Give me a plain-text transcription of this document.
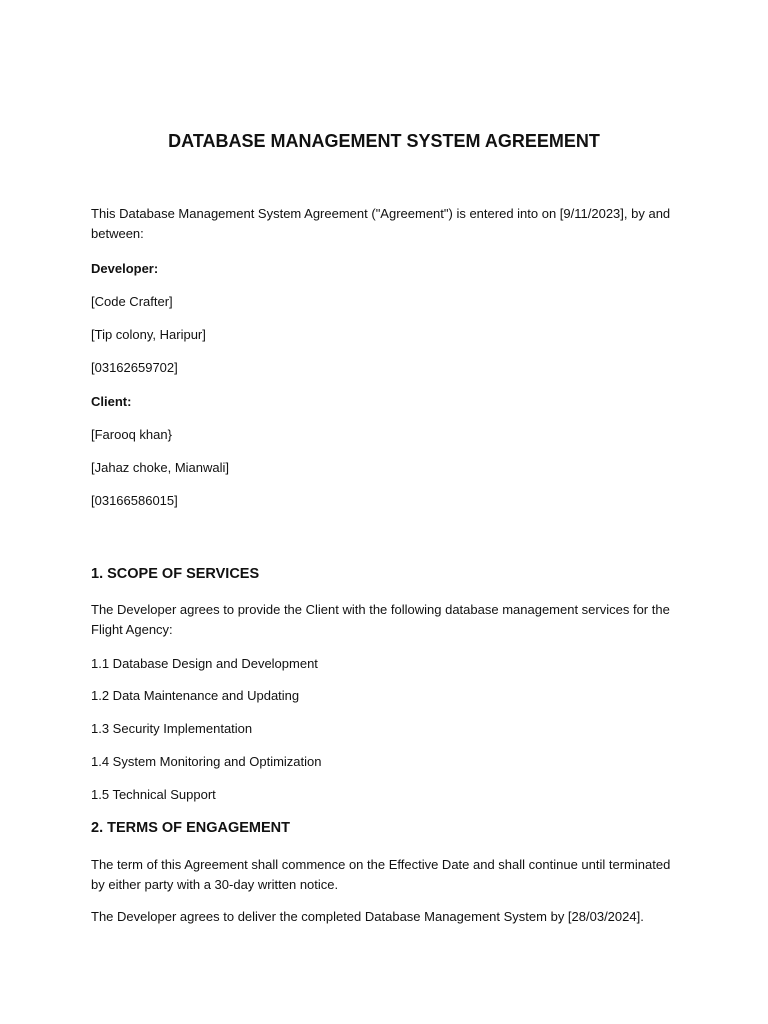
DATABASE MANAGEMENT SYSTEM AGREEMENT

This Database Management System Agreement ("Agreement") is entered into on [9/11/2023], by and between:

Developer:

[Code Crafter]

[Tip colony, Haripur]

[03162659702]

Client:

[Farooq khan}

[Jahaz choke, Mianwali]

[03166586015]

1. SCOPE OF SERVICES

The Developer agrees to provide the Client with the following database management services for the Flight Agency:

1.1 Database Design and Development

1.2 Data Maintenance and Updating

1.3 Security Implementation

1.4 System Monitoring and Optimization

1.5 Technical Support

2. TERMS OF ENGAGEMENT

The term of this Agreement shall commence on the Effective Date and shall continue until terminated by either party with a 30-day written notice.

The Developer agrees to deliver the completed Database Management System by [28/03/2024].
